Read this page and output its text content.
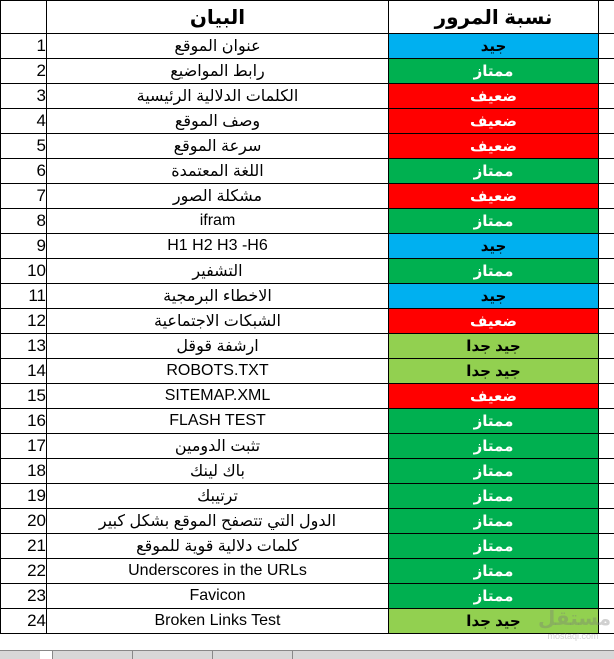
	البيان	نسبة المرور	
1	عنوان الموقع	جيد	
2	رابط المواضيع	ممتاز	
3	الكلمات الدلالية الرئيسية	ضعيف	
4	وصف الموقع	ضعيف	
5	سرعة الموقع	ضعيف	
6	اللغة المعتمدة	ممتاز	
7	مشكلة الصور	ضعيف	
8	ifram	ممتاز	
9	H1 H2 H3 -H6	جيد	
10	التشفير	ممتاز	
11	الاخطاء البرمجية	جيد	
12	الشبكات الاجتماعية	ضعيف	
13	ارشفة قوقل	جيد جدا	
14	ROBOTS.TXT	جيد جدا	
15	SITEMAP.XML	ضعيف	
16	FLASH TEST	ممتاز	
17	تثبت الدومين	ممتاز	
18	باك لينك	ممتاز	
19	ترتيبك	ممتاز	
20	الدول التي تتصفح الموقع بشكل كبير	ممتاز	
21	كلمات دلالية قوية للموقع	ممتاز	
22	Underscores in the URLs	ممتاز	
23	Favicon	ممتاز	
24	Broken Links Test	جيد جدا	مستقل
mostaql.com
